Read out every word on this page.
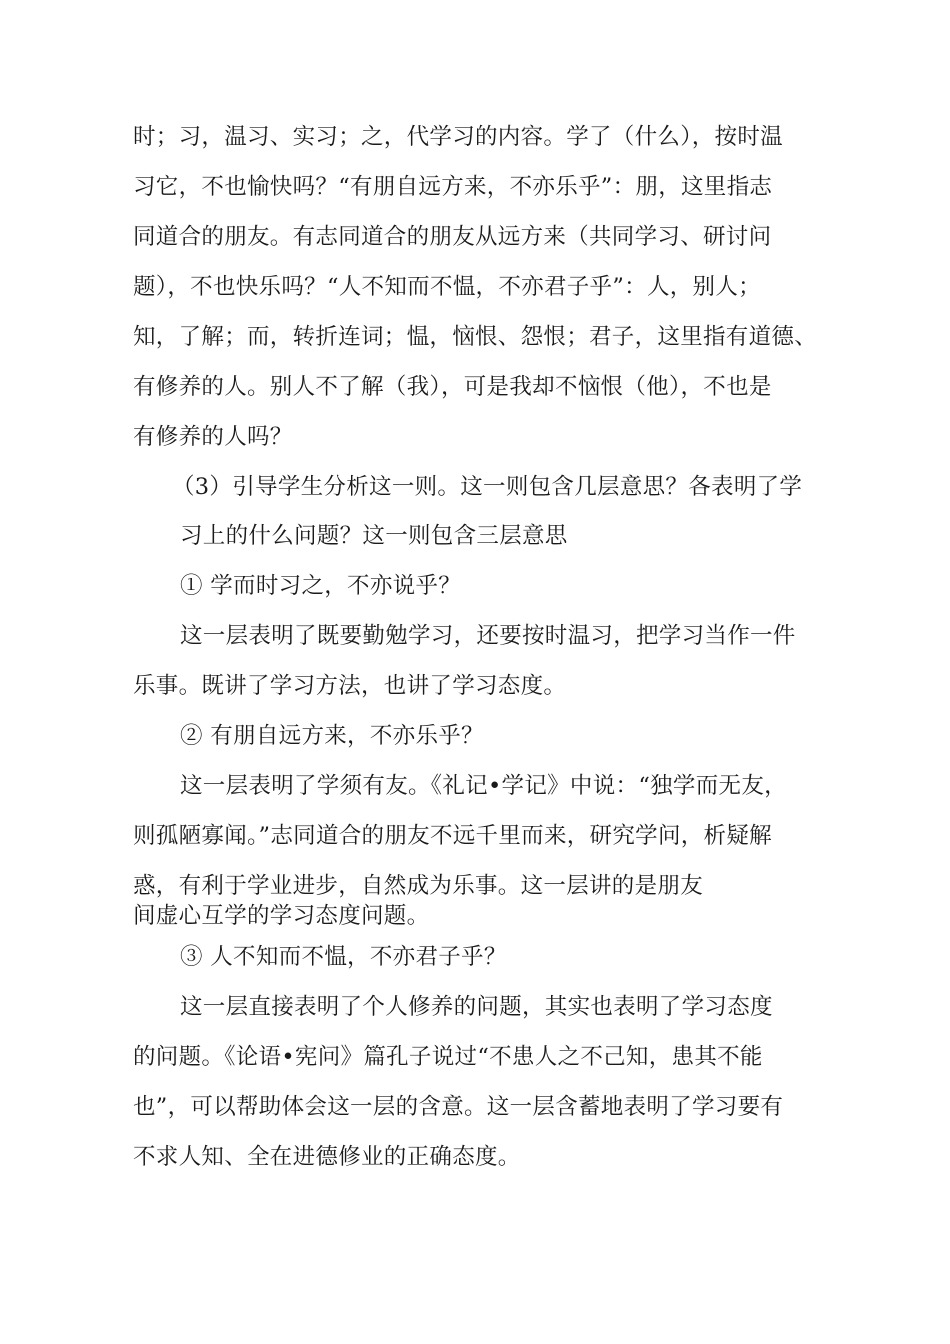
时；习，温习、实习；之，代学习的内容。学了（什么），按时温
习它，不也愉快吗？“有朋自远方来，不亦乐乎”：朋，这里指志
同道合的朋友。有志同道合的朋友从远方来（共同学习、研讨问
题），不也快乐吗？“人不知而不愠，不亦君子乎”：人，别人；
知，了解；而，转折连词；愠，恼恨、怨恨；君子，这里指有道德、
有修养的人。别人不了解（我），可是我却不恼恨（他），不也是
有修养的人吗？
（3）引导学生分析这一则。这一则包含几层意思？各表明了学
习上的什么问题？这一则包含三层意思
① 学而时习之，不亦说乎？
这一层表明了既要勤勉学习，还要按时温习，把学习当作一件
乐事。既讲了学习方法，也讲了学习态度。
② 有朋自远方来，不亦乐乎？
这一层表明了学须有友。《礼记•学记》中说：“独学而无友，
则孤陋寡闻。”志同道合的朋友不远千里而来，研究学问，析疑解
惑，有利于学业进步，自然成为乐事。这一层讲的是朋友
间虚心互学的学习态度问题。
③ 人不知而不愠，不亦君子乎？
这一层直接表明了个人修养的问题，其实也表明了学习态度
的问题。《论语•宪问》篇孔子说过“不患人之不己知，患其不能
也”，可以帮助体会这一层的含意。这一层含蓄地表明了学习要有
不求人知、全在进德修业的正确态度。
